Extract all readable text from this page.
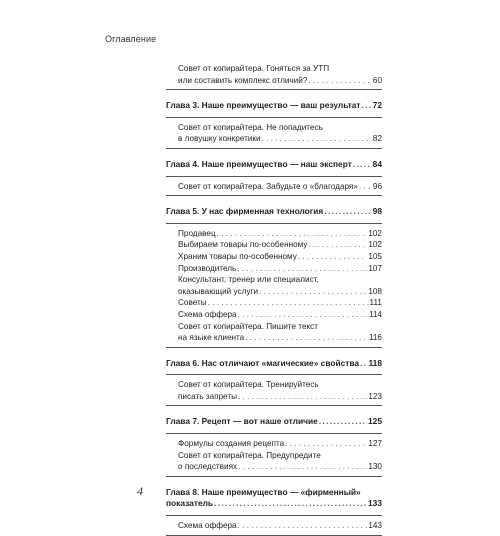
Оглавление
Совет от копирайтера. Гоняться за УТП
или составить комплекс отличий? . . .	60
Глава 3. Наше преимущество — ваш результат . . . 72
Совет от копирайтера. Не попадитесь
в ловушку конкретики . . .	82
Глава 4. Наше преимущество — наш эксперт . . . 84
Совет от копирайтера. Забудьте о «благодаря» . . . 96
Глава 5. У нас фирменная технология . . .	98
Продавец . . .	102
Выбираем товары по-особенному . . .	102
Храним товары по-особенному . . .	105
Производитель . . .	107
Консультант, тренер или специалист,
оказывающий услуги . . .	108
Советы . . .	111
Схема оффера . . .	114
Совет от копирайтера. Пишите текст
на языке клиента . . .	116
Глава 6. Нас отличают «магические» свойства . . . 118
Совет от копирайтера. Тренируйтесь
писать запреты . . .	123
Глава 7. Рецепт — вот наше отличие . . .	125
Формулы создания рецепта . . .	127
Совет от копирайтера. Предупредите
о последствиях . . .	130
Глава 8. Наше преимущество — «фирменный»
показатель . . .	133
Схема оффера . . .	143
4
